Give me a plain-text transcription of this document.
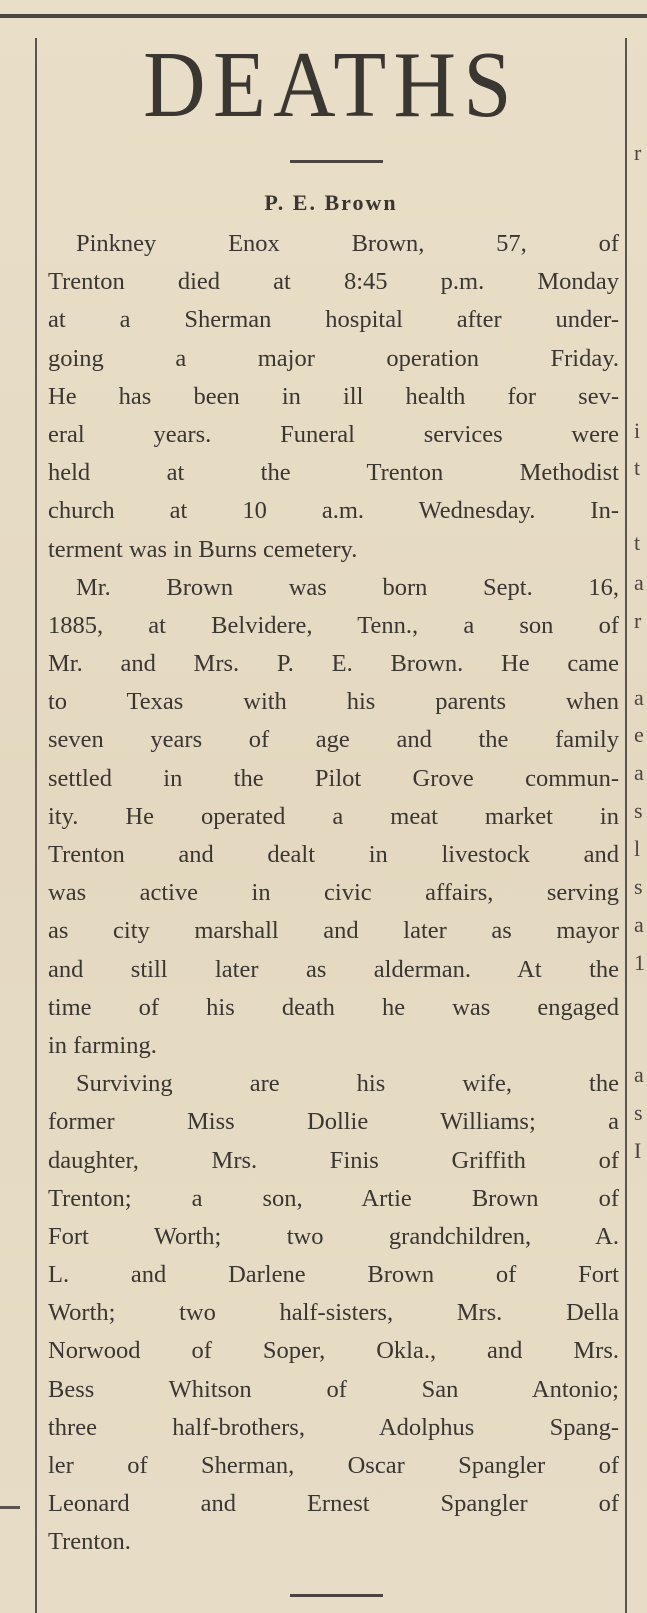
DEATHS
P. E. Brown
Pinkney Enox Brown, 57, of
Trenton died at 8:45 p.m. Monday
at a Sherman hospital after under-
going a major operation Friday.
He has been in ill health for sev-
eral years. Funeral services were
held at the Trenton Methodist
church at 10 a.m. Wednesday. In-
terment was in Burns cemetery.
Mr. Brown was born Sept. 16,
1885, at Belvidere, Tenn., a son of
Mr. and Mrs. P. E. Brown. He came
to Texas with his parents when
seven years of age and the family
settled in the Pilot Grove commun-
ity. He operated a meat market in
Trenton and dealt in livestock and
was active in civic affairs, serving
as city marshall and later as mayor
and still later as alderman. At the
time of his death he was engaged
in farming.
Surviving are his wife, the
former Miss Dollie Williams; a
daughter, Mrs. Finis Griffith of
Trenton; a son, Artie Brown of
Fort Worth; two grandchildren, A.
L. and Darlene Brown of Fort
Worth; two half-sisters, Mrs. Della
Norwood of Soper, Okla., and Mrs.
Bess Whitson of San Antonio;
three half-brothers, Adolphus Spang-
ler of Sherman, Oscar Spangler of
Leonard and Ernest Spangler of
Trenton.
r
i
t
t
a
r
a
e
a
s
l
s
a
1
a
s
I
